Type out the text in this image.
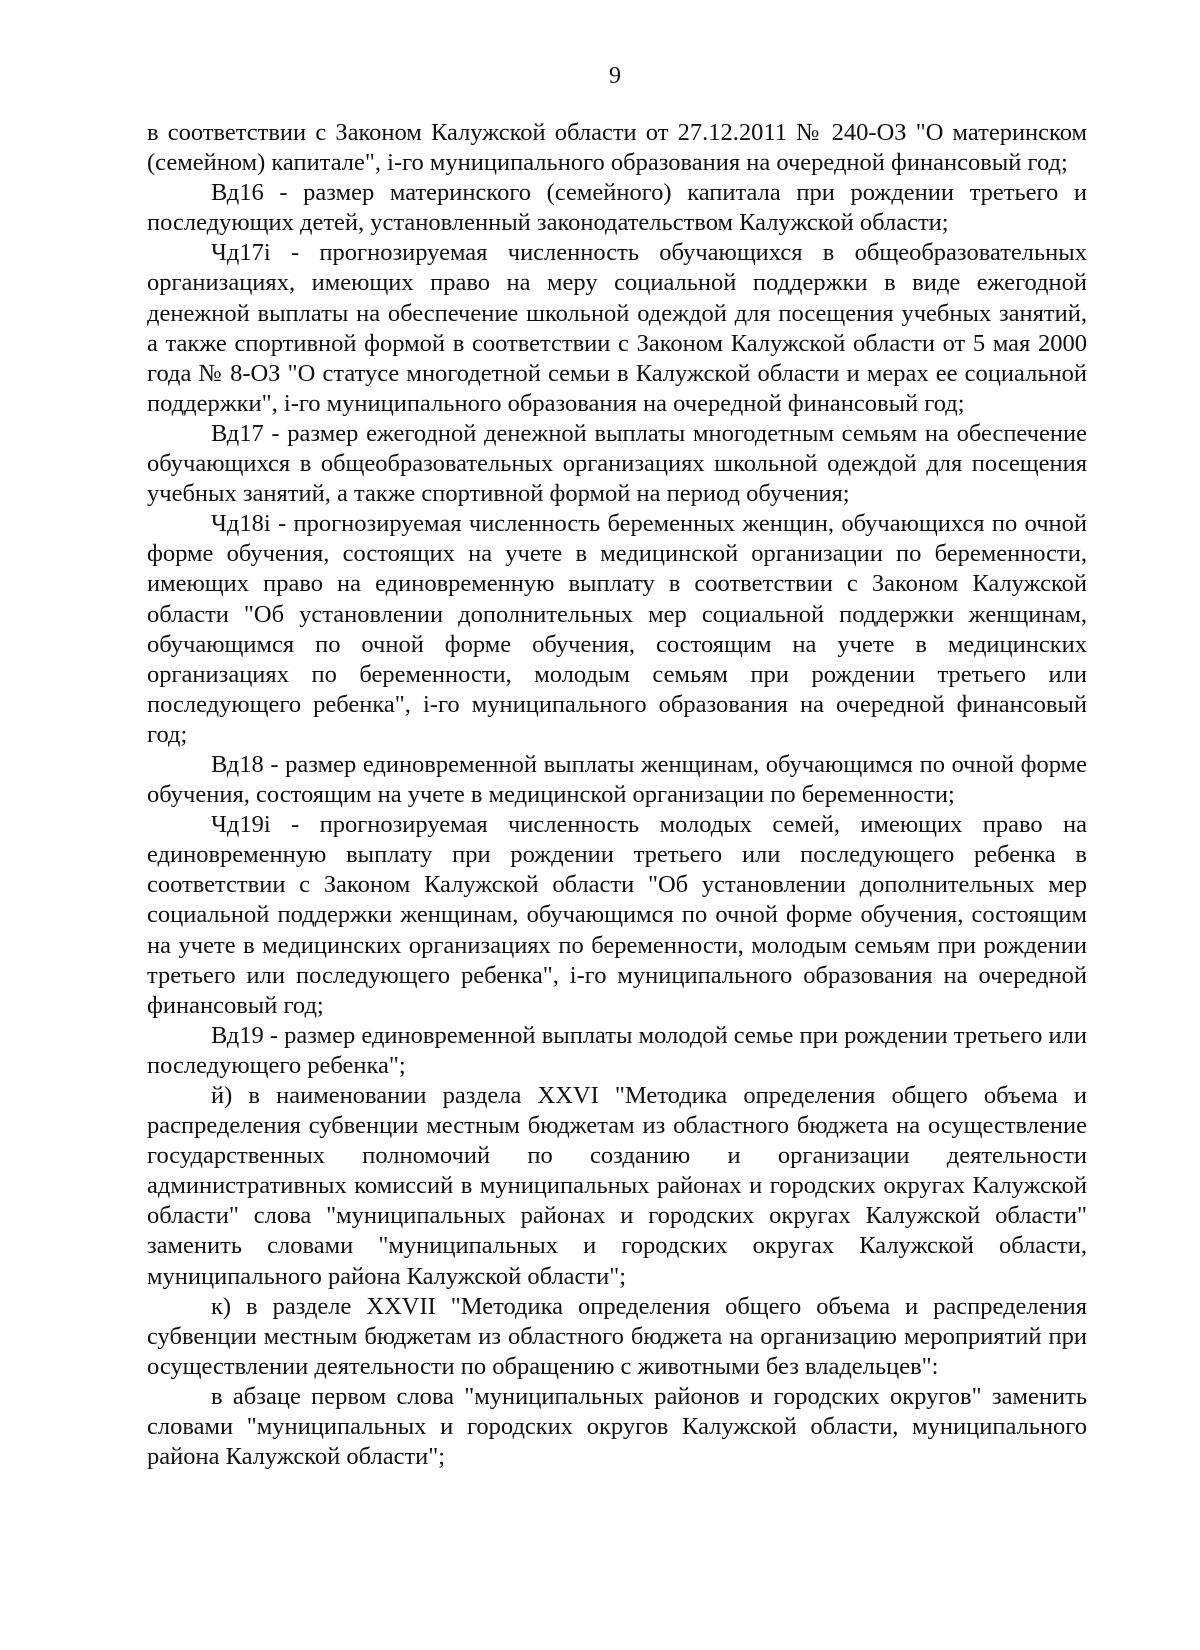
9

в соответствии с Законом Калужской области от 27.12.2011 № 240-ОЗ "О материнском (семейном) капитале", i-го муниципального образования на очередной финансовый год;

Вд16 - размер материнского (семейного) капитала при рождении третьего и последующих детей, установленный законодательством Калужской области;

Чд17i - прогнозируемая численность обучающихся в общеобразовательных организациях, имеющих право на меру социальной поддержки в виде ежегодной денежной выплаты на обеспечение школьной одеждой для посещения учебных занятий, а также спортивной формой в соответствии с Законом Калужской области от 5 мая 2000 года № 8-ОЗ "О статусе многодетной семьи в Калужской области и мерах ее социальной поддержки", i-го муниципального образования на очередной финансовый год;

Вд17 - размер ежегодной денежной выплаты многодетным семьям на обеспечение обучающихся в общеобразовательных организациях школьной одеждой для посещения учебных занятий, а также спортивной формой на период обучения;

Чд18i - прогнозируемая численность беременных женщин, обучающихся по очной форме обучения, состоящих на учете в медицинской организации по беременности, имеющих право на единовременную выплату в соответствии с Законом Калужской области "Об установлении дополнительных мер социальной поддержки женщинам, обучающимся по очной форме обучения, состоящим на учете в медицинских организациях по беременности, молодым семьям при рождении третьего или последующего ребенка", i-го муниципального образования на очередной финансовый год;

Вд18 - размер единовременной выплаты женщинам, обучающимся по очной форме обучения, состоящим на учете в медицинской организации по беременности;

Чд19i - прогнозируемая численность молодых семей, имеющих право на единовременную выплату при рождении третьего или последующего ребенка в соответствии с Законом Калужской области "Об установлении дополнительных мер социальной поддержки женщинам, обучающимся по очной форме обучения, состоящим на учете в медицинских организациях по беременности, молодым семьям при рождении третьего или последующего ребенка", i-го муниципального образования на очередной финансовый год;

Вд19 - размер единовременной выплаты молодой семье при рождении третьего или последующего ребенка";

й) в наименовании раздела XXVI "Методика определения общего объема и распределения субвенции местным бюджетам из областного бюджета на осуществление государственных полномочий по созданию и организации деятельности административных комиссий в муниципальных районах и городских округах Калужской области" слова "муниципальных районах и городских округах Калужской области" заменить словами "муниципальных и городских округах Калужской области, муниципального района Калужской области";

к) в разделе XXVII "Методика определения общего объема и распределения субвенции местным бюджетам из областного бюджета на организацию мероприятий при осуществлении деятельности по обращению с животными без владельцев":

в абзаце первом слова "муниципальных районов и городских округов" заменить словами "муниципальных и городских округов Калужской области, муниципального района Калужской области";
